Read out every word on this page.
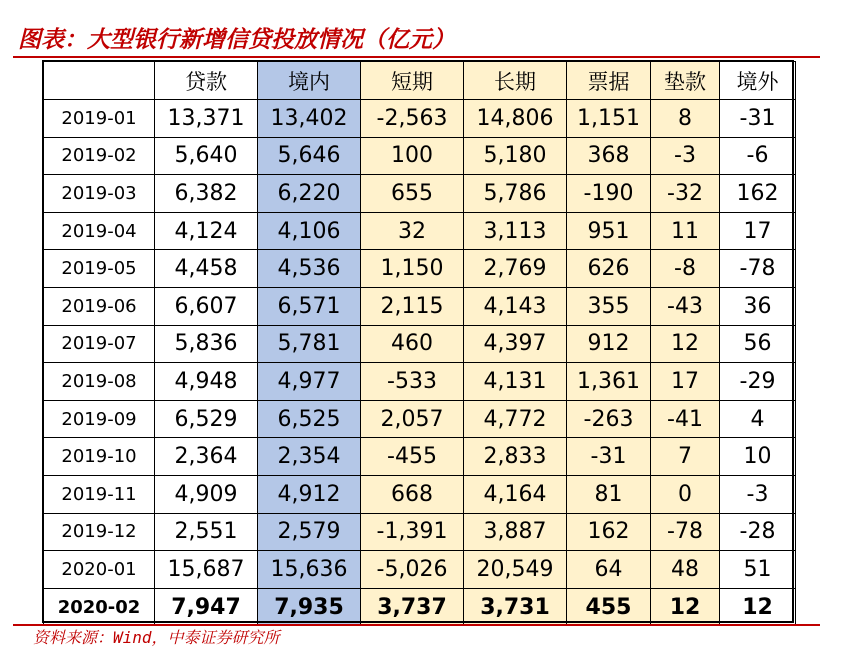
图表：大型银行新增信贷投放情况（亿元）
	贷款	境内	短期	长期	票据	垫款	境外
2019-01	13,371	13,402	-2,563	14,806	1,151	8	-31
2019-02	5,640	5,646	100	5,180	368	-3	-6
2019-03	6,382	6,220	655	5,786	-190	-32	162
2019-04	4,124	4,106	32	3,113	951	11	17
2019-05	4,458	4,536	1,150	2,769	626	-8	-78
2019-06	6,607	6,571	2,115	4,143	355	-43	36
2019-07	5,836	5,781	460	4,397	912	12	56
2019-08	4,948	4,977	-533	4,131	1,361	17	-29
2019-09	6,529	6,525	2,057	4,772	-263	-41	4
2019-10	2,364	2,354	-455	2,833	-31	7	10
2019-11	4,909	4,912	668	4,164	81	0	-3
2019-12	2,551	2,579	-1,391	3,887	162	-78	-28
2020-01	15,687	15,636	-5,026	20,549	64	48	51
2020-02	7,947	7,935	3,737	3,731	455	12	12
资料来源：Wind，中泰证券研究所
